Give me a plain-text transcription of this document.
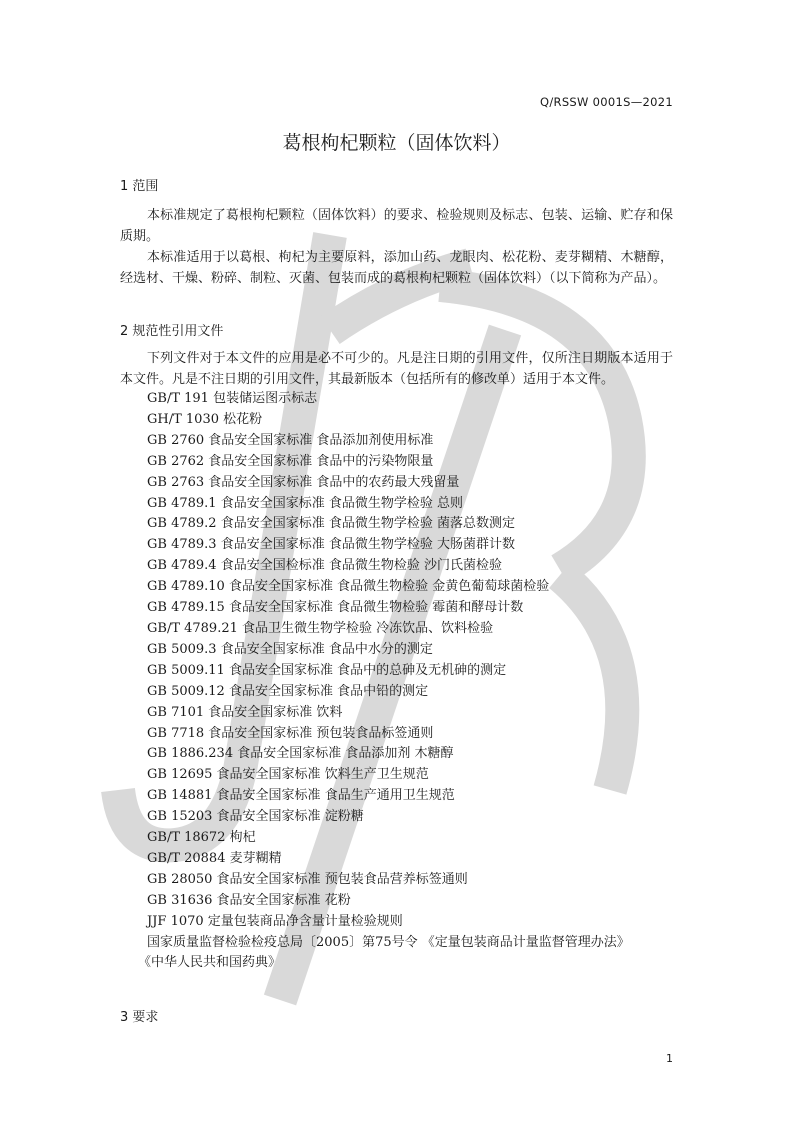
Q/RSSW 0001S—2021
葛根枸杞颗粒（固体饮料）
1 范围
本标准规定了葛根枸杞颗粒（固体饮料）的要求、检验规则及标志、包装、运输、贮存和保质期。
本标准适用于以葛根、枸杞为主要原料，添加山药、龙眼肉、松花粉、麦芽糊精、木糖醇，经选材、干燥、粉碎、制粒、灭菌、包装而成的葛根枸杞颗粒（固体饮料）（以下简称为产品）。
2 规范性引用文件
下列文件对于本文件的应用是必不可少的。凡是注日期的引用文件，仅所注日期版本适用于本文件。凡是不注日期的引用文件，其最新版本（包括所有的修改单）适用于本文件。
GB/T 191 包装储运图示标志
GH/T 1030 松花粉
GB 2760 食品安全国家标准 食品添加剂使用标准
GB 2762 食品安全国家标准 食品中的污染物限量
GB 2763 食品安全国家标准 食品中的农药最大残留量
GB 4789.1 食品安全国家标准 食品微生物学检验 总则
GB 4789.2 食品安全国家标准 食品微生物学检验 菌落总数测定
GB 4789.3 食品安全国家标准 食品微生物学检验 大肠菌群计数
GB 4789.4 食品安全国检标准 食品微生物检验 沙门氏菌检验
GB 4789.10 食品安全国家标准 食品微生物检验 金黄色葡萄球菌检验
GB 4789.15 食品安全国家标准 食品微生物检验 霉菌和酵母计数
GB/T 4789.21 食品卫生微生物学检验 冷冻饮品、饮料检验
GB 5009.3 食品安全国家标准 食品中水分的测定
GB 5009.11 食品安全国家标准 食品中的总砷及无机砷的测定
GB 5009.12 食品安全国家标准 食品中铅的测定
GB 7101 食品安全国家标准 饮料
GB 7718 食品安全国家标准 预包装食品标签通则
GB 1886.234 食品安全国家标准 食品添加剂 木糖醇
GB 12695 食品安全国家标准 饮料生产卫生规范
GB 14881 食品安全国家标准 食品生产通用卫生规范
GB 15203 食品安全国家标准 淀粉糖
GB/T 18672 枸杞
GB/T 20884 麦芽糊精
GB 28050 食品安全国家标准 预包装食品营养标签通则
GB 31636 食品安全国家标准 花粉
JJF 1070 定量包装商品净含量计量检验规则
国家质量监督检验检疫总局〔2005〕第75号令 《定量包装商品计量监督管理办法》
《中华人民共和国药典》
3 要求
1
